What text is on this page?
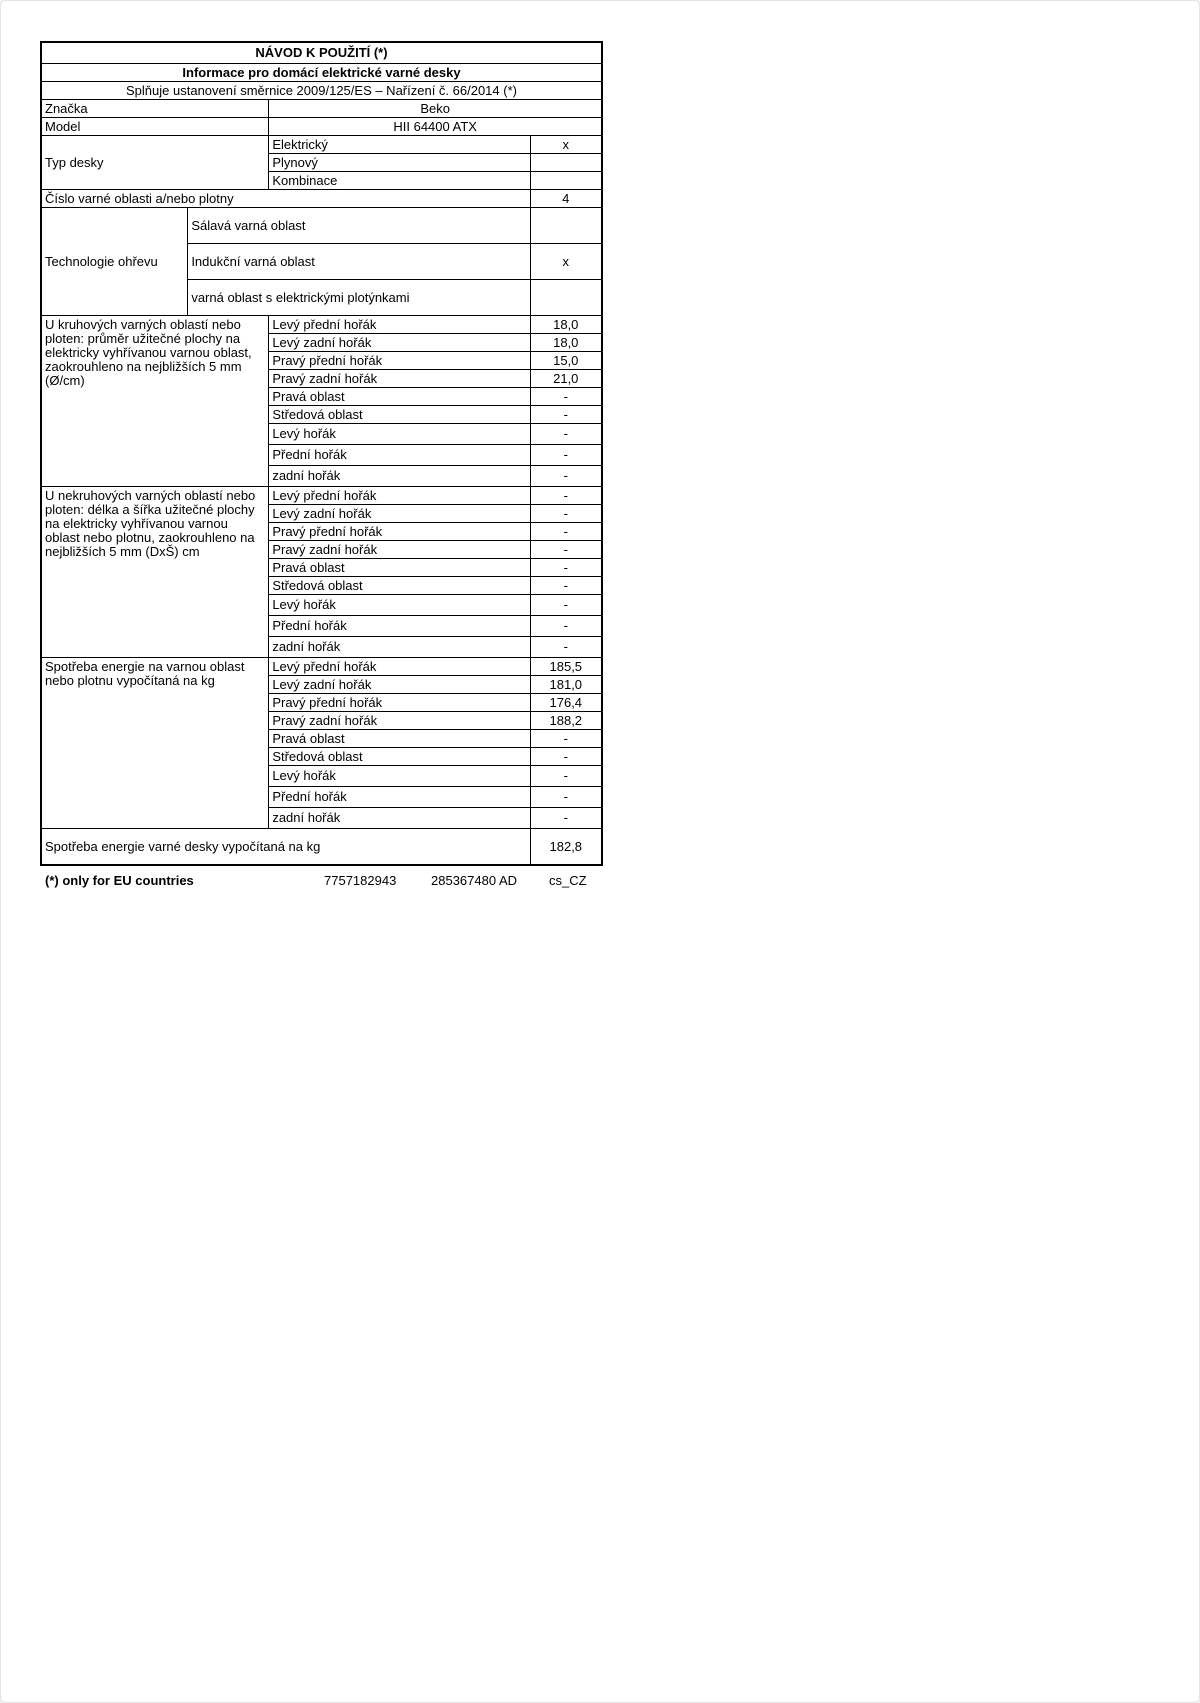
NÁVOD K POUŽITÍ (*)			
Informace pro domácí elektrické varné desky			
Splňuje ustanovení směrnice 2009/125/ES – Nařízení č. 66/2014 (*)			
Značka		Beko	
Model		HII 64400 ATX	
Typ desky		Elektrický	x
		Plynový	
		Kombinace	
Číslo varné oblasti a/nebo plotny			4
Technologie ohřevu	Sálavá varná oblast		
	Indukční varná oblast		x
	varná oblast s elektrickými plotýnkami		
U kruhových varných oblastí nebo ploten: průměr užitečné plochy na elektricky vyhřívanou varnou oblast, zaokrouhleno na nejbližších 5 mm (Ø/cm)		Levý přední hořák	18,0
		Levý zadní hořák	18,0
		Pravý přední hořák	15,0
		Pravý zadní hořák	21,0
		Pravá oblast	-
		Středová oblast	-
		Levý hořák	-
		Přední hořák	-
		zadní hořák	-
U nekruhových varných oblastí nebo ploten: délka a šířka užitečné plochy na elektricky vyhřívanou varnou oblast nebo plotnu, zaokrouhleno na nejbližších 5 mm (DxŠ) cm		Levý přední hořák	-
		Levý zadní hořák	-
		Pravý přední hořák	-
		Pravý zadní hořák	-
		Pravá oblast	-
		Středová oblast	-
		Levý hořák	-
		Přední hořák	-
		zadní hořák	-
Spotřeba energie na varnou oblast nebo plotnu vypočítaná na kg		Levý přední hořák	185,5
		Levý zadní hořák	181,0
		Pravý přední hořák	176,4
		Pravý zadní hořák	188,2
		Pravá oblast	-
		Středová oblast	-
		Levý hořák	-
		Přední hořák	-
		zadní hořák	-
Spotřeba energie varné desky vypočítaná na kg			182,8
(*) only for EU countries	7757182943	285367480 AD cs_CZ
